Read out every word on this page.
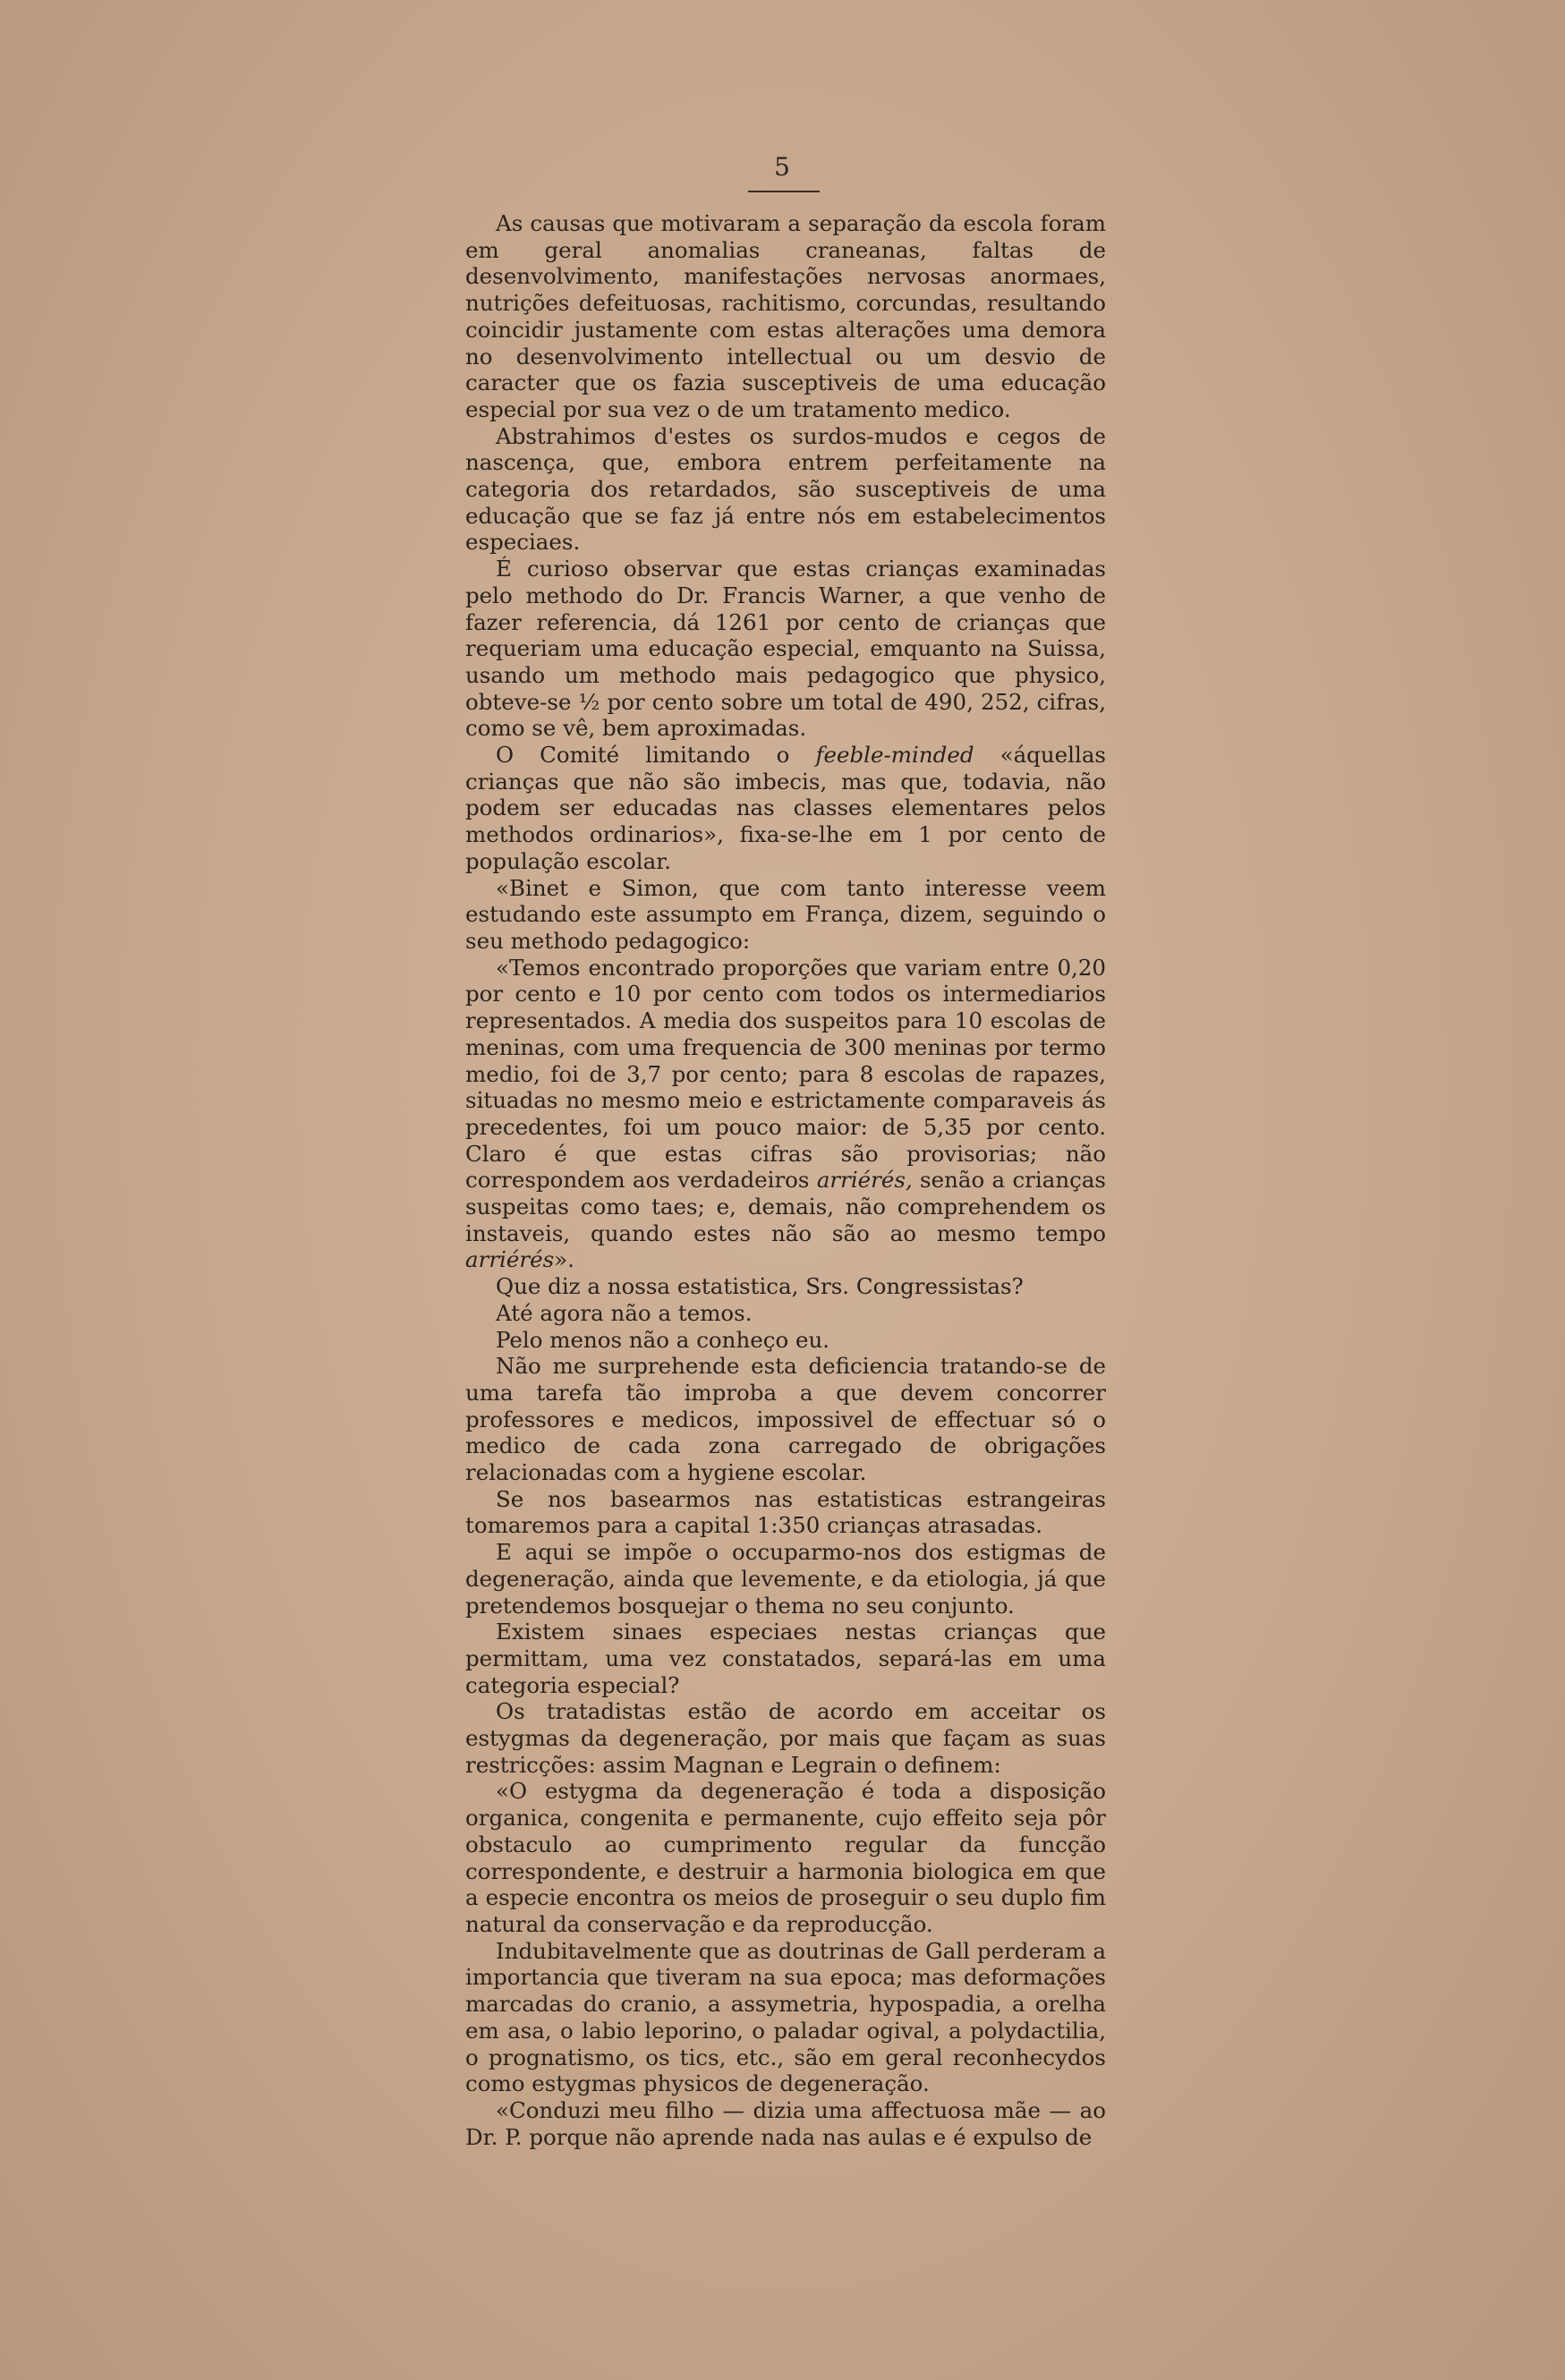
5

As causas que motivaram a separação da escola foram em geral anomalias craneanas, faltas de desenvolvimento, manifestações nervosas anormaes, nutrições defeituosas, rachitismo, corcundas, resultando coincidir justamente com estas alterações uma demora no desenvolvimento intellectual ou um desvio de caracter que os fazia susceptiveis de uma educação especial por sua vez o de um tratamento medico.

Abstrahimos d'estes os surdos-mudos e cegos de nascença, que, embora entrem perfeitamente na categoria dos retardados, são susceptiveis de uma educação que se faz já entre nós em estabelecimentos especiaes.

É curioso observar que estas crianças examinadas pelo methodo do Dr. Francis Warner, a que venho de fazer referencia, dá 1261 por cento de crianças que requeriam uma educação especial, emquanto na Suissa, usando um methodo mais pedagogico que physico, obteve-se ½ por cento sobre um total de 490, 252, cifras, como se vê, bem aproximadas.

O Comité limitando o feeble-minded «áquellas crianças que não são imbecis, mas que, todavia, não podem ser educadas nas classes elementares pelos methodos ordinarios», fixa-se-lhe em 1 por cento de população escolar.

«Binet e Simon, que com tanto interesse veem estudando este assumpto em França, dizem, seguindo o seu methodo pedagogico:

«Temos encontrado proporções que variam entre 0,20 por cento e 10 por cento com todos os intermediarios representados. A media dos suspeitos para 10 escolas de meninas, com uma frequencia de 300 meninas por termo medio, foi de 3,7 por cento; para 8 escolas de rapazes, situadas no mesmo meio e estrictamente comparaveis ás precedentes, foi um pouco maior: de 5,35 por cento. Claro é que estas cifras são provisorias; não correspondem aos verdadeiros arriérés, senão a crianças suspeitas como taes; e, demais, não comprehendem os instaveis, quando estes não são ao mesmo tempo arriérés».

Que diz a nossa estatistica, Srs. Congressistas?

Até agora não a temos.

Pelo menos não a conheço eu.

Não me surprehende esta deficiencia tratando-se de uma tarefa tão improba a que devem concorrer professores e medicos, impossivel de effectuar só o medico de cada zona carregado de obrigações relacionadas com a hygiene escolar.

Se nos basearmos nas estatisticas estrangeiras tomaremos para a capital 1:350 crianças atrasadas.

E aqui se impõe o occuparmo-nos dos estigmas de degeneração, ainda que levemente, e da etiologia, já que pretendemos bosquejar o thema no seu conjunto.

Existem sinaes especiaes nestas crianças que permittam, uma vez constatados, separá-las em uma categoria especial?

Os tratadistas estão de acordo em acceitar os estygmas da degeneração, por mais que façam as suas restricções: assim Magnan e Legrain o definem:

«O estygma da degeneração é toda a disposição organica, congenita e permanente, cujo effeito seja pôr obstaculo ao cumprimento regular da funcção correspondente, e destruir a harmonia biologica em que a especie encontra os meios de proseguir o seu duplo fim natural da conservação e da reproducção.

Indubitavelmente que as doutrinas de Gall perderam a importancia que tiveram na sua epoca; mas deformações marcadas do cranio, a assymetria, hypospadia, a orelha em asa, o labio leporino, o paladar ogival, a polydactilia, o prognatismo, os tics, etc., são em geral reconhecydos como estygmas physicos de degeneração.

«Conduzi meu filho — dizia uma affectuosa mãe — ao Dr. P. porque não aprende nada nas aulas e é expulso de
